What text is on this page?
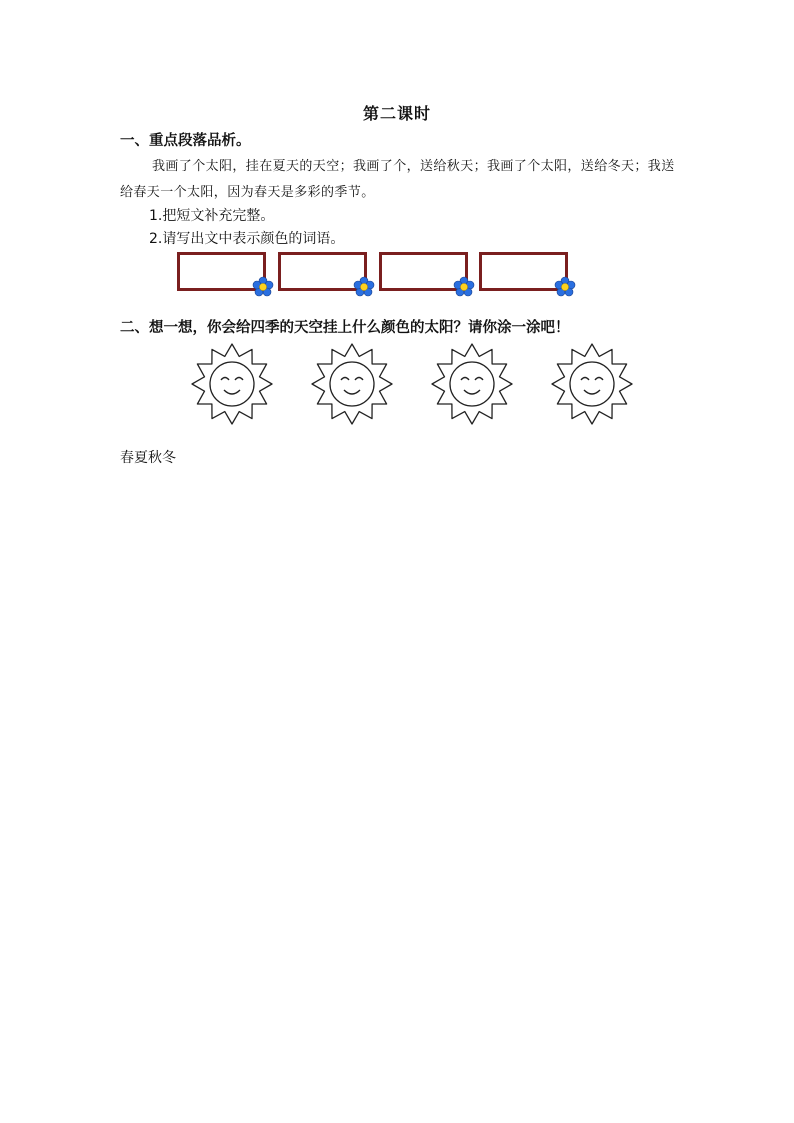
第二课时
一、重点段落品析。
我画了个太阳，挂在夏天的天空；我画了个，送给秋天；我画了个太阳，送给冬天；我送给春天一个太阳，因为春天是多彩的季节。
1.把短文补充完整。
2.请写出文中表示颜色的词语。
二、想一想，你会给四季的天空挂上什么颜色的太阳？请你涂一涂吧！
春夏秋冬
